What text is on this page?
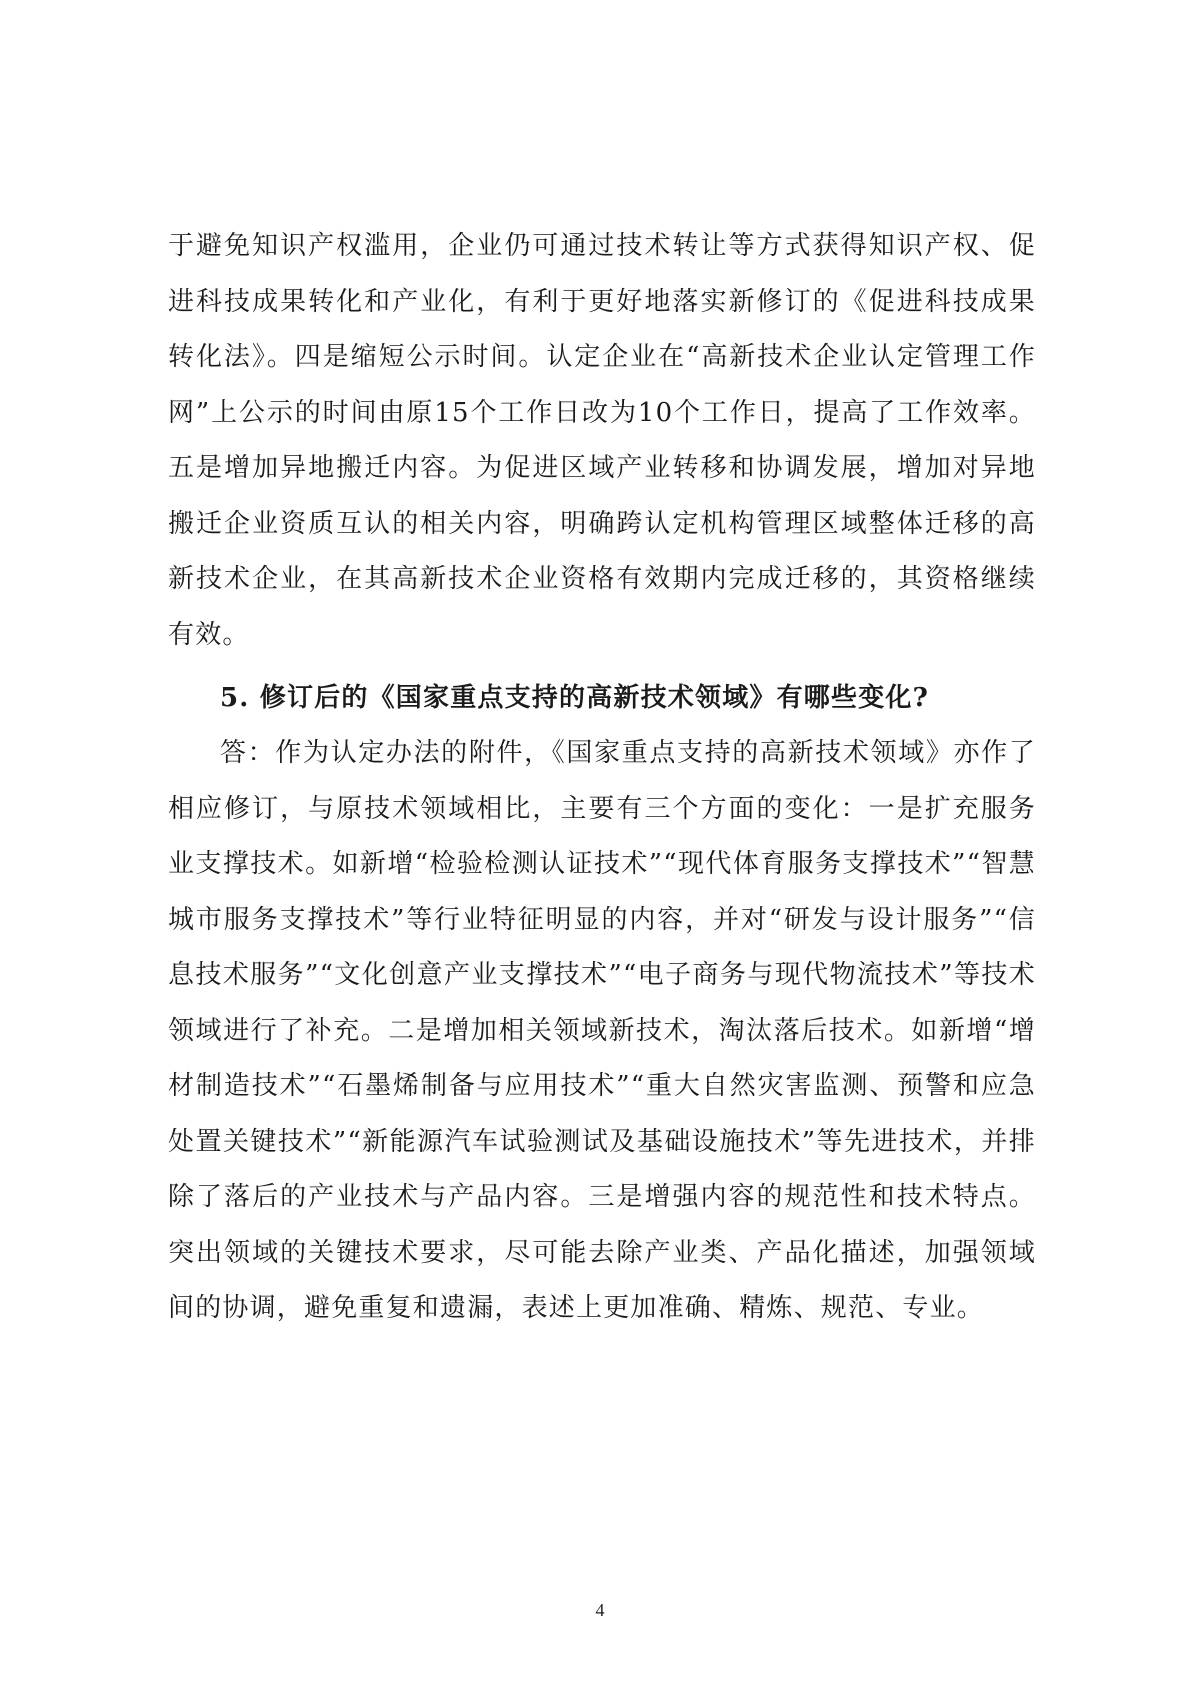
于避免知识产权滥用，企业仍可通过技术转让等方式获得知识产权、促进科技成果转化和产业化，有利于更好地落实新修订的《促进科技成果转化法》。四是缩短公示时间。认定企业在“高新技术企业认定管理工作网”上公示的时间由原15个工作日改为10个工作日，提高了工作效率。五是增加异地搬迁内容。为促进区域产业转移和协调发展，增加对异地搬迁企业资质互认的相关内容，明确跨认定机构管理区域整体迁移的高新技术企业，在其高新技术企业资格有效期内完成迁移的，其资格继续有效。
5. 修订后的《国家重点支持的高新技术领域》有哪些变化?
答：作为认定办法的附件，《国家重点支持的高新技术领域》亦作了相应修订，与原技术领域相比，主要有三个方面的变化：一是扩充服务业支撑技术。如新增“检验检测认证技术”“现代体育服务支撑技术”“智慧城市服务支撑技术”等行业特征明显的内容，并对“研发与设计服务”“信息技术服务”“文化创意产业支撑技术”“电子商务与现代物流技术”等技术领域进行了补充。二是增加相关领域新技术，淘汰落后技术。如新增“增材制造技术”“石墨烯制备与应用技术”“重大自然灾害监测、预警和应急处置关键技术”“新能源汽车试验测试及基础设施技术”等先进技术，并排除了落后的产业技术与产品内容。三是增强内容的规范性和技术特点。突出领域的关键技术要求，尽可能去除产业类、产品化描述，加强领域间的协调，避免重复和遗漏，表述上更加准确、精炼、规范、专业。
4
